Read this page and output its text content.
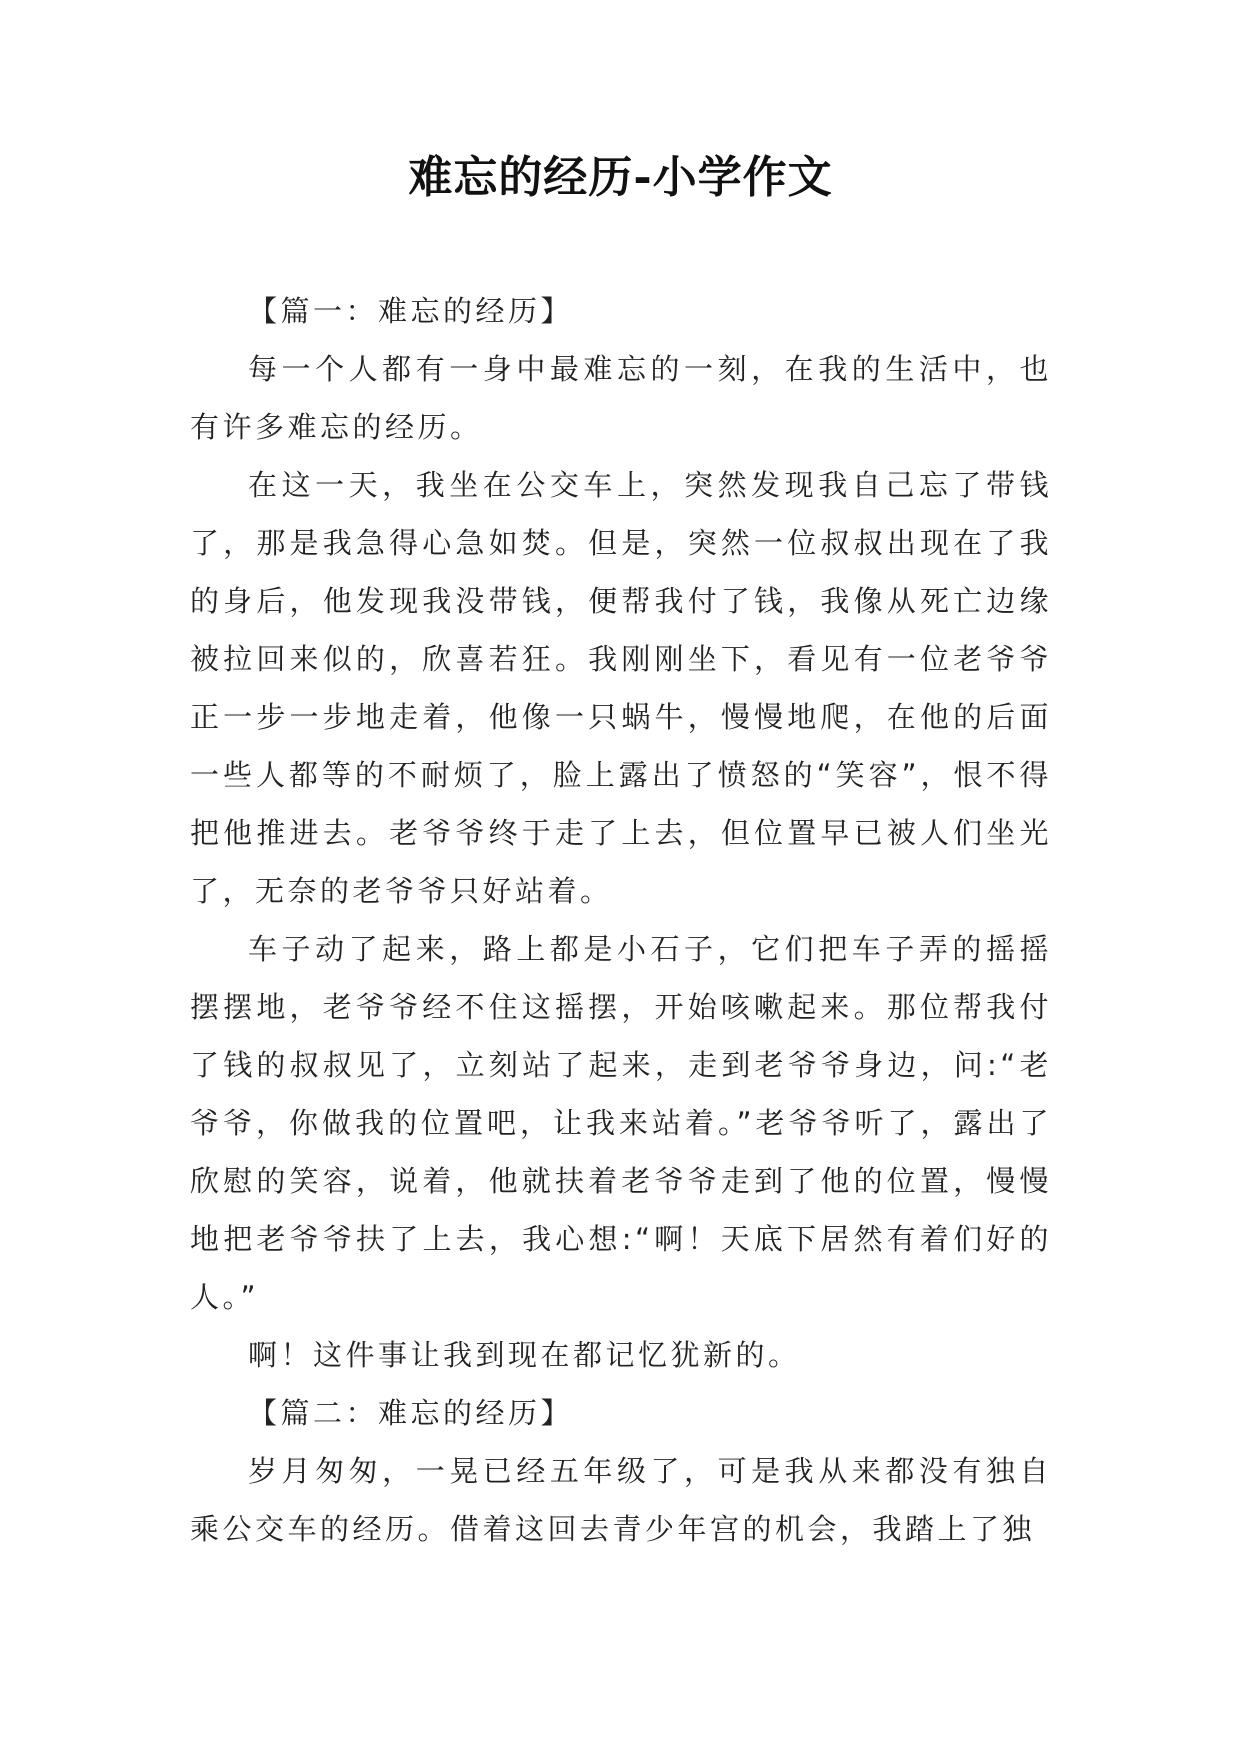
难忘的经历-小学作文

【篇一：难忘的经历】

每一个人都有一身中最难忘的一刻，在我的生活中，也有许多难忘的经历。

在这一天，我坐在公交车上，突然发现我自己忘了带钱了，那是我急得心急如焚。但是，突然一位叔叔出现在了我的身后，他发现我没带钱，便帮我付了钱，我像从死亡边缘被拉回来似的，欣喜若狂。我刚刚坐下，看见有一位老爷爷正一步一步地走着，他像一只蜗牛，慢慢地爬，在他的后面一些人都等的不耐烦了，脸上露出了愤怒的“笑容”，恨不得把他推进去。老爷爷终于走了上去，但位置早已被人们坐光了，无奈的老爷爷只好站着。

车子动了起来，路上都是小石子，它们把车子弄的摇摇摆摆地，老爷爷经不住这摇摆，开始咳嗽起来。那位帮我付了钱的叔叔见了，立刻站了起来，走到老爷爷身边，问:“老爷爷，你做我的位置吧，让我来站着。”老爷爷听了，露出了欣慰的笑容，说着，他就扶着老爷爷走到了他的位置，慢慢地把老爷爷扶了上去，我心想:“啊！天底下居然有着们好的人。”

啊！这件事让我到现在都记忆犹新的。

【篇二：难忘的经历】

岁月匆匆，一晃已经五年级了，可是我从来都没有独自乘公交车的经历。借着这回去青少年宫的机会，我踏上了独
